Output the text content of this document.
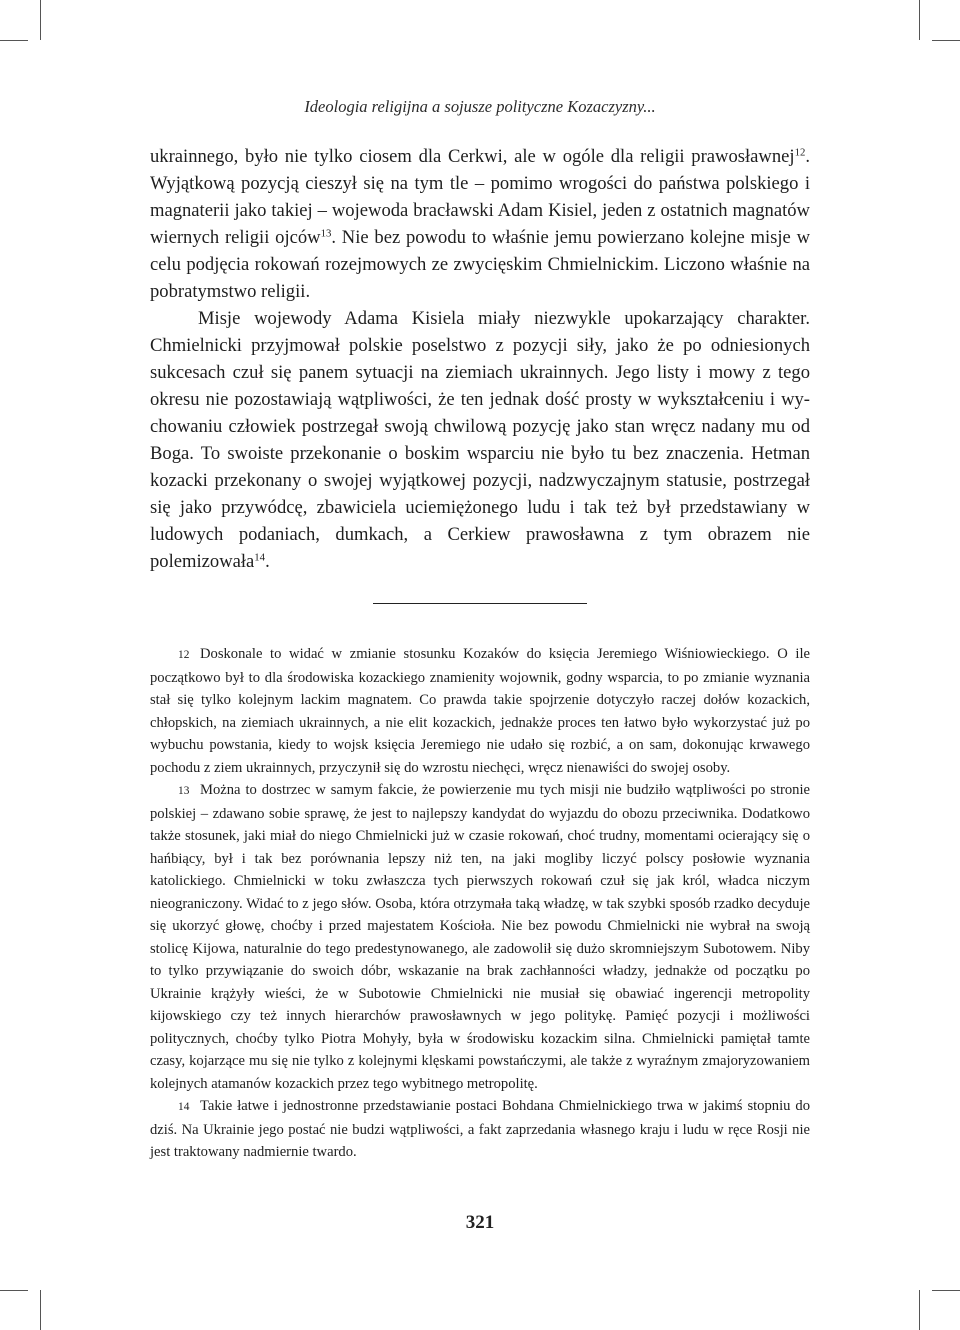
Ideologia religijna a sojusze polityczne Kozaczyzny...

ukrainnego, było nie tylko ciosem dla Cerkwi, ale w ogóle dla religii prawosławnej$^{12}$. Wyjątkową pozycją cieszył się na tym tle – pomimo wrogości do państwa polskiego i magnaterii jako takiej – wojewoda bracławski Adam Kisiel, jeden z ostatnich magnatów wiernych religii ojców$^{13}$. Nie bez powodu to właśnie jemu powierzano kolejne misje w celu podjęcia rokowań rozejmowych ze zwycięskim Chmielnickim. Liczono właśnie na pobratymstwo religii.

Misje wojewody Adama Kisiela miały niezwykle upokarzający charakter. Chmielnicki przyjmował polskie poselstwo z pozycji siły, jako że po odniesionych sukcesach czuł się panem sytuacji na ziemiach ukrainnych. Jego listy i mowy z tego okresu nie pozostawiają wątpliwości, że ten jednak dość prosty w wykształceniu i wychowaniu człowiek postrzegał swoją chwilową pozycję jako stan wręcz nadany mu od Boga. To swoiste przekonanie o boskim wsparciu nie było tu bez znaczenia. Hetman kozacki przekonany o swojej wyjątkowej pozycji, nadzwyczajnym statusie, postrzegał się jako przywódcę, zbawiciela uciemiężonego ludu i tak też był przedstawiany w ludowych podaniach, dumkach, a Cerkiew prawosławna z tym obrazem nie polemizowała$^{14}$.

12 Doskonale to widać w zmianie stosunku Kozaków do księcia Jeremiego Wiśniowieckiego. O ile początkowo był to dla środowiska kozackiego znamienity wojownik, godny wsparcia, to po zmianie wyznania stał się tylko kolejnym lackim magnatem. Co prawda takie spojrzenie dotyczyło raczej dołów kozackich, chłopskich, na ziemiach ukrainnych, a nie elit kozackich, jednakże proces ten łatwo było wykorzystać już po wybuchu powstania, kiedy to wojsk księcia Jeremiego nie udało się rozbić, a on sam, dokonując krwawego pochodu z ziem ukrainnych, przyczynił się do wzrostu niechęci, wręcz nienawiści do swojej osoby.

13 Można to dostrzec w samym fakcie, że powierzenie mu tych misji nie budziło wątpliwości po stronie polskiej – zdawano sobie sprawę, że jest to najlepszy kandydat do wyjazdu do obozu przeciwnika. Dodatkowo także stosunek, jaki miał do niego Chmielnicki już w czasie rokowań, choć trudny, momentami ocierający się o hańbiący, był i tak bez porównania lepszy niż ten, na jaki mogliby liczyć polscy posłowie wyznania katolickiego. Chmielnicki w toku zwłaszcza tych pierwszych rokowań czuł się jak król, władca niczym nieograniczony. Widać to z jego słów. Osoba, która otrzymała taką władzę, w tak szybki sposób rzadko decyduje się ukorzyć głowę, choćby i przed majestatem Kościoła. Nie bez powodu Chmielnicki nie wybrał na swoją stolicę Kijowa, naturalnie do tego predestynowanego, ale zadowolił się dużo skromniejszym Subotowem. Niby to tylko przywiązanie do swoich dóbr, wskazanie na brak zachłanności władzy, jednakże od początku po Ukrainie krążyły wieści, że w Subotowie Chmielnicki nie musiał się obawiać ingerencji metropolity kijowskiego czy też innych hierarchów prawosławnych w jego politykę. Pamięć pozycji i możliwości politycznych, choćby tylko Piotra Mohyły, była w środowisku kozackim silna. Chmielnicki pamiętał tamte czasy, kojarzące mu się nie tylko z kolejnymi klęskami powstańczymi, ale także z wyraźnym zmajoryzowaniem kolejnych atamanów kozackich przez tego wybitnego metropolitę.

14 Takie łatwe i jednostronne przedstawianie postaci Bohdana Chmielnickiego trwa w jakimś stopniu do dziś. Na Ukrainie jego postać nie budzi wątpliwości, a fakt zaprzedania własnego kraju i ludu w ręce Rosji nie jest traktowany nadmiernie twardo.

321
